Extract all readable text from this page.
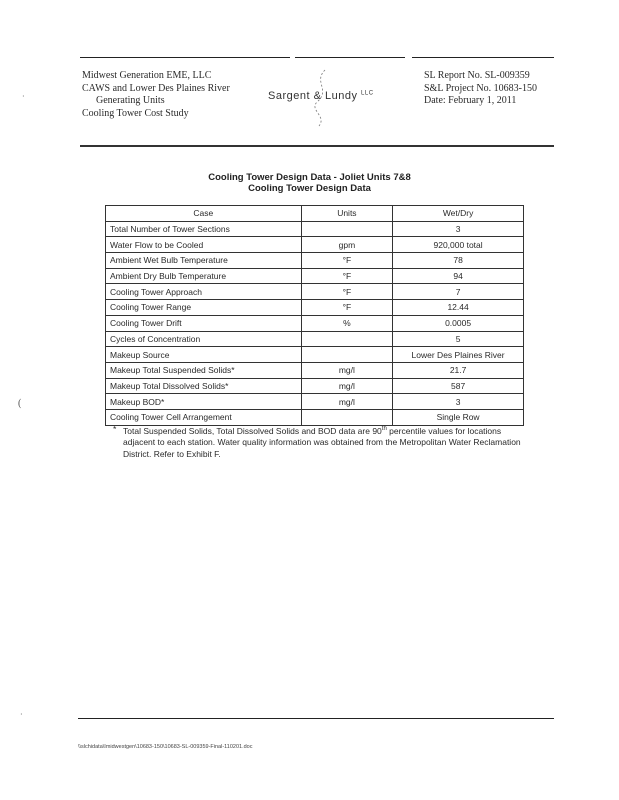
Midwest Generation EME, LLC
CAWS and Lower Des Plaines River
Generating Units
Cooling Tower Cost Study
Sargent & Lundy $^{LLC}$
SL Report No. SL-009359
S&L Project No. 10683-150
Date: February 1, 2011
Cooling Tower Design Data - Joliet Units 7&8
Cooling Tower Design Data
Case	Units	Wet/Dry
Total Number of Tower Sections		3
Water Flow to be Cooled	gpm	920,000 total
Ambient Wet Bulb Temperature	°F	78
Ambient Dry Bulb Temperature	°F	94
Cooling Tower Approach	°F	7
Cooling Tower Range	°F	12.44
Cooling Tower Drift	%	0.0005
Cycles of Concentration		5
Makeup Source		Lower Des Plaines River
Makeup Total Suspended Solids*	mg/l	21.7
Makeup Total Dissolved Solids*	mg/l	587
Makeup BOD*	mg/l	3
Cooling Tower Cell Arrangement		Single Row
* Total Suspended Solids, Total Dissolved Solids and BOD data are 90th percentile values for locations adjacent to each station. Water quality information was obtained from the Metropolitan Water Reclamation District. Refer to Exhibit F.
·
(
·
\\slchidata\Imidwestgen\10683-150\10683-SL-009359-Final-110201.doc
